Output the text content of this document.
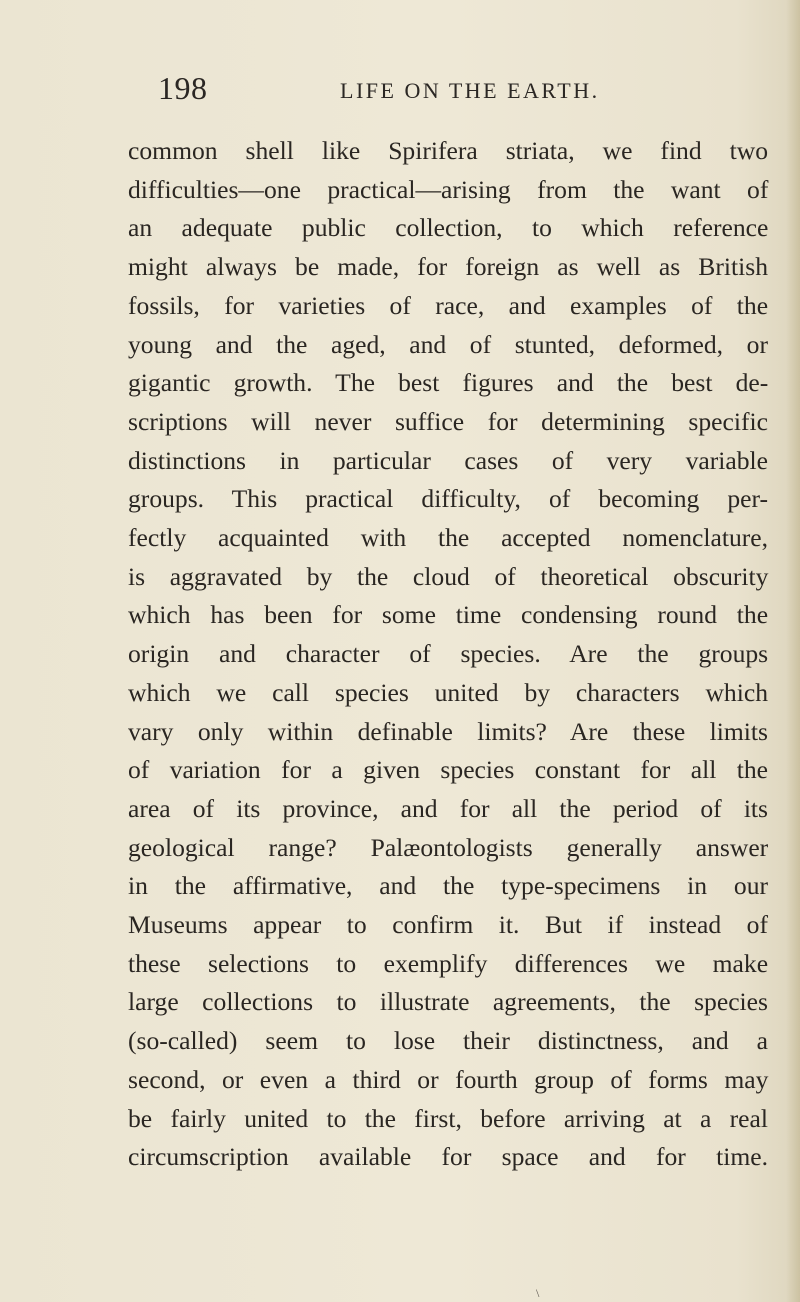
198	LIFE ON THE EARTH.
common shell like Spirifera striata, we find two
difficulties—one practical—arising from the want of
an adequate public collection, to which reference
might always be made, for foreign as well as British
fossils, for varieties of race, and examples of the
young and the aged, and of stunted, deformed, or
gigantic growth. The best figures and the best de-
scriptions will never suffice for determining specific
distinctions in particular cases of very variable
groups. This practical difficulty, of becoming per-
fectly acquainted with the accepted nomenclature,
is aggravated by the cloud of theoretical obscurity
which has been for some time condensing round the
origin and character of species. Are the groups
which we call species united by characters which
vary only within definable limits? Are these limits
of variation for a given species constant for all the
area of its province, and for all the period of its
geological range? Palæontologists generally answer
in the affirmative, and the type-specimens in our
Museums appear to confirm it. But if instead of
these selections to exemplify differences we make
large collections to illustrate agreements, the species
(so-called) seem to lose their distinctness, and a
second, or even a third or fourth group of forms may
be fairly united to the first, before arriving at a real
circumscription available for space and for time.
\
